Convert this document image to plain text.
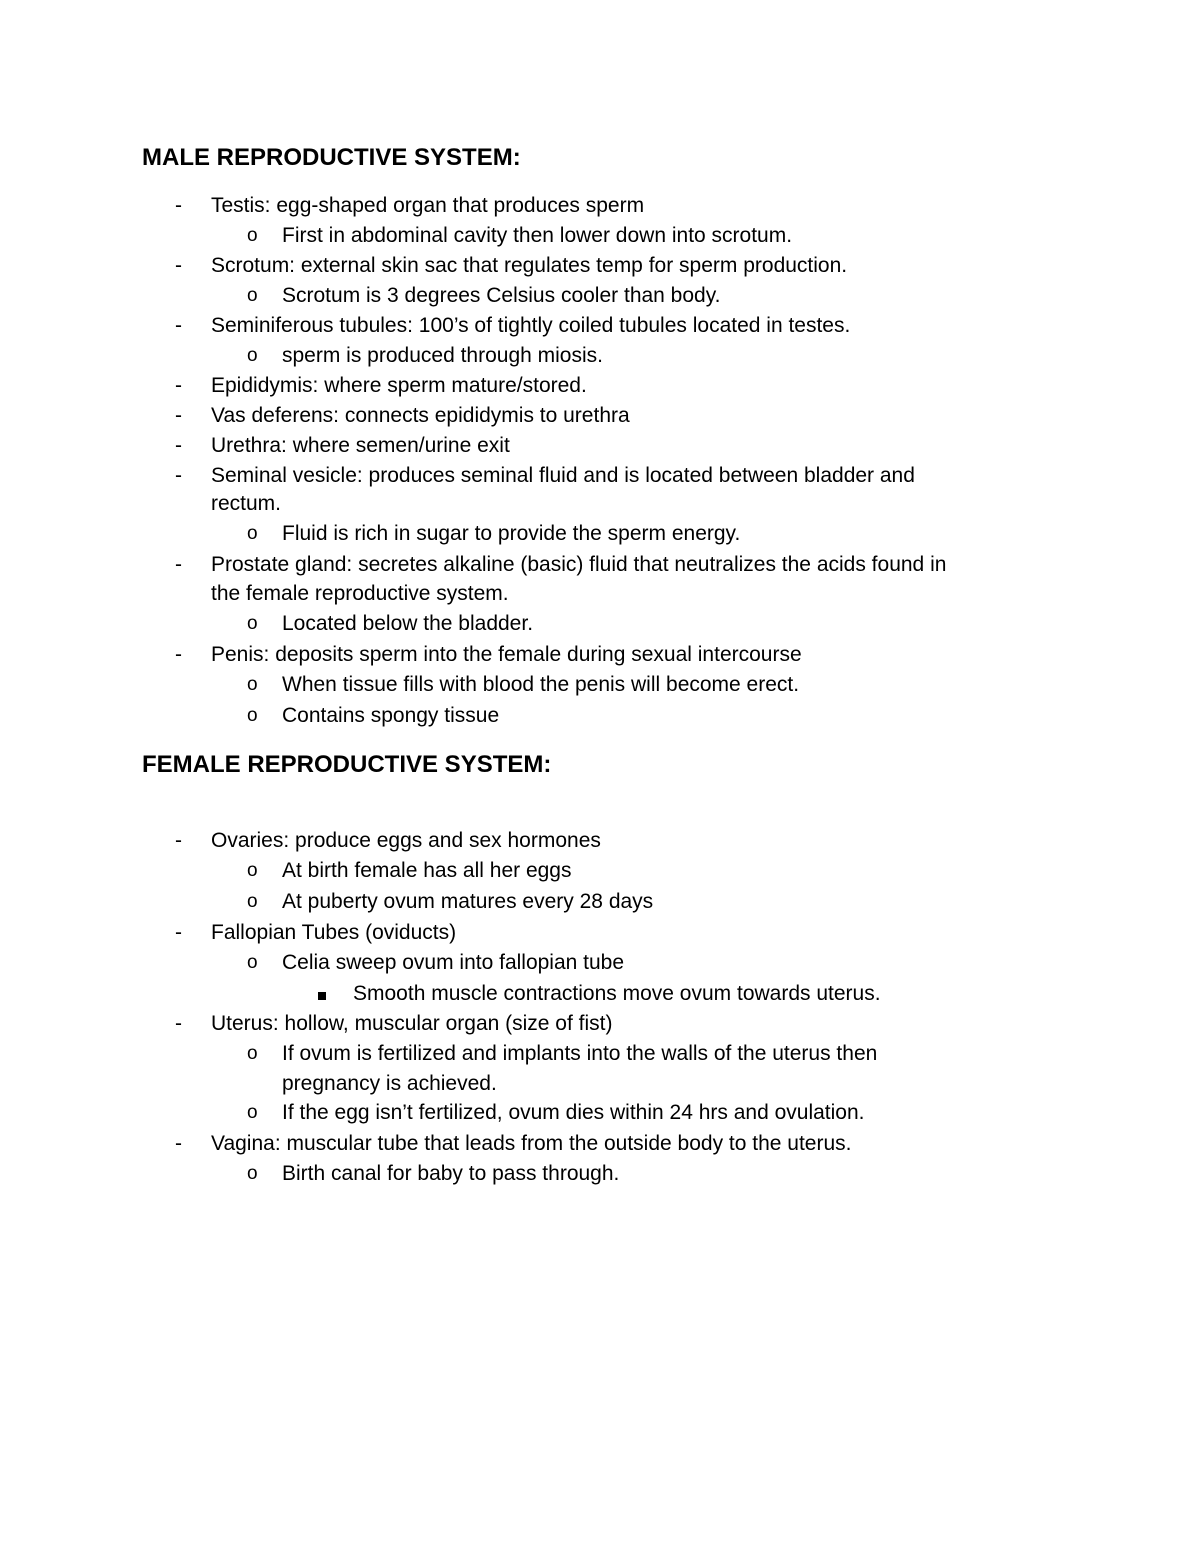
MALE REPRODUCTIVE SYSTEM:
- Testis: egg-shaped organ that produces sperm
o First in abdominal cavity then lower down into scrotum.
- Scrotum: external skin sac that regulates temp for sperm production.
o Scrotum is 3 degrees Celsius cooler than body.
- Seminiferous tubules: 100’s of tightly coiled tubules located in testes.
o sperm is produced through miosis.
- Epididymis: where sperm mature/stored.
- Vas deferens: connects epididymis to urethra
- Urethra: where semen/urine exit
- Seminal vesicle: produces seminal fluid and is located between bladder and
rectum.
o Fluid is rich in sugar to provide the sperm energy.
- Prostate gland: secretes alkaline (basic) fluid that neutralizes the acids found in
the female reproductive system.
o Located below the bladder.
- Penis: deposits sperm into the female during sexual intercourse
o When tissue fills with blood the penis will become erect.
o Contains spongy tissue
FEMALE REPRODUCTIVE SYSTEM:
- Ovaries: produce eggs and sex hormones
o At birth female has all her eggs
o At puberty ovum matures every 28 days
- Fallopian Tubes (oviducts)
o Celia sweep ovum into fallopian tube
Smooth muscle contractions move ovum towards uterus.
- Uterus: hollow, muscular organ (size of fist)
o If ovum is fertilized and implants into the walls of the uterus then
pregnancy is achieved.
o If the egg isn’t fertilized, ovum dies within 24 hrs and ovulation.
- Vagina: muscular tube that leads from the outside body to the uterus.
o Birth canal for baby to pass through.
